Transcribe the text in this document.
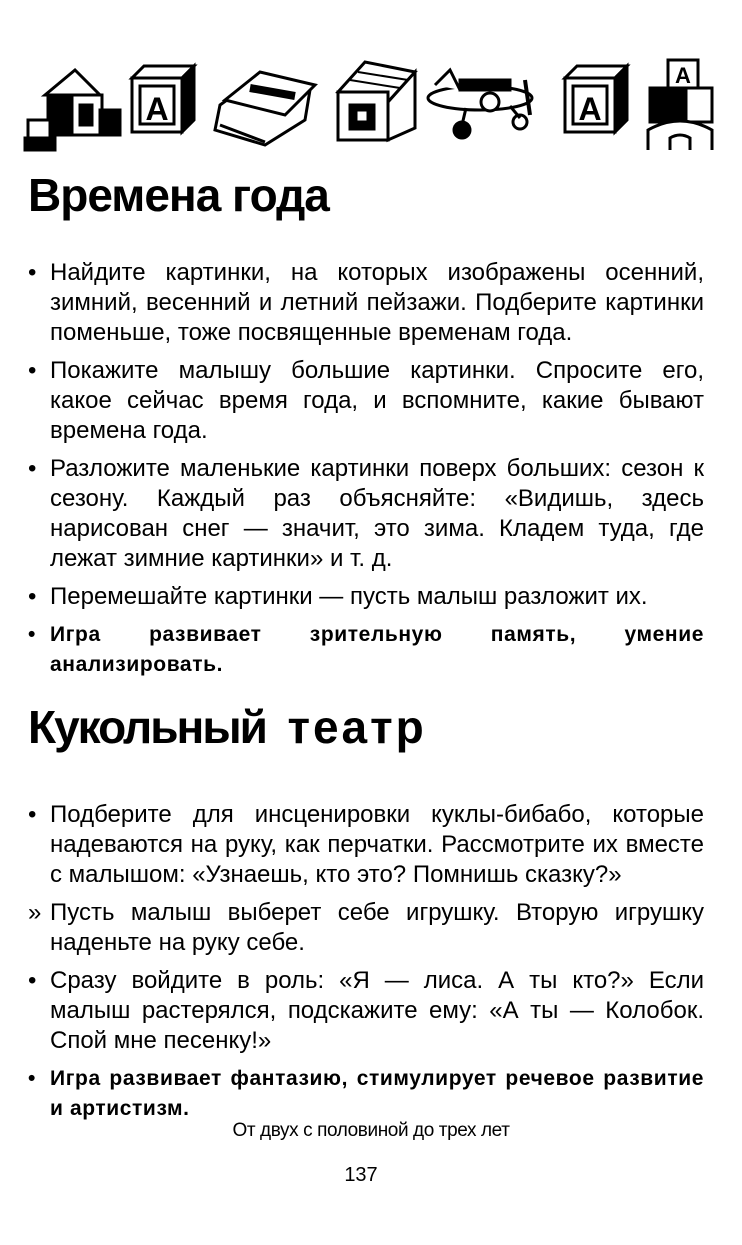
A	A
A
Времена года
• Найдите картинки, на которых изображены осенний, зимний, весенний и летний пейзажи. Подберите картинки поменьше, тоже посвященные временам года.
• Покажите малышу большие картинки. Спросите его, какое сейчас время года, и вспомните, какие бывают времена года.
• Разложите маленькие картинки поверх больших: сезон к сезону. Каждый раз объясняйте: «Видишь, здесь нарисован снег — значит, это зима. Кладем туда, где лежат зимние картинки» и т. д.
• Перемешайте картинки — пусть малыш разложит их.
• Игра развивает зрительную память, умение анализировать.
Кукольный театр
• Подберите для инсценировки куклы-бибабо, которые надеваются на руку, как перчатки. Рассмотрите их вместе с малышом: «Узнаешь, кто это? Помнишь сказку?»
» Пусть малыш выберет себе игрушку. Вторую игрушку наденьте на руку себе.
• Сразу войдите в роль: «Я — лиса. А ты кто?» Если малыш растерялся, подскажите ему: «А ты — Колобок. Спой мне песенку!»
• Игра развивает фантазию, стимулирует речевое развитие и артистизм.
От двух с половиной до трех лет
137
